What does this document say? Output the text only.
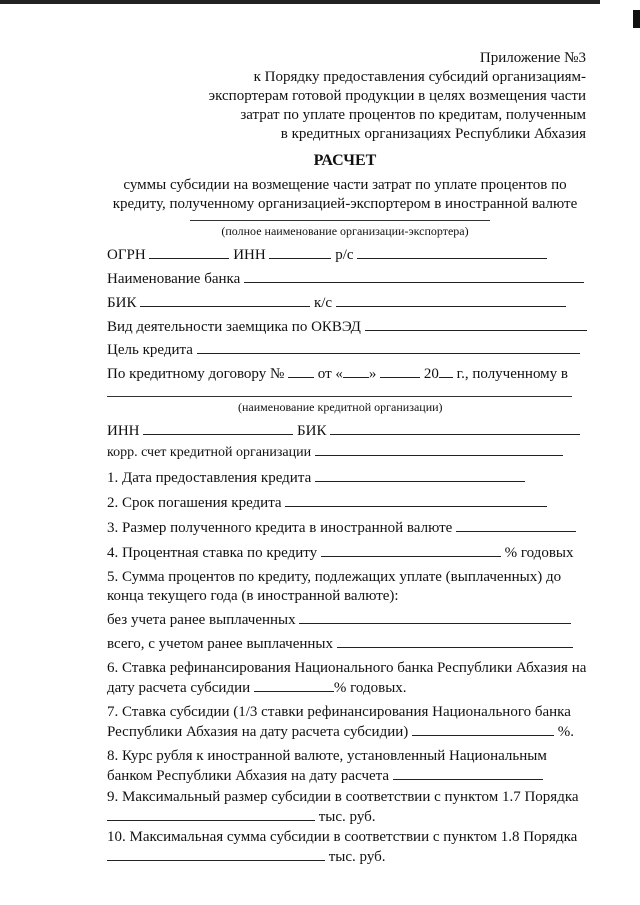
Приложение №3
к Порядку предоставления субсидий организациям-
экспортерам готовой продукции в целях возмещения части
затрат по уплате процентов по кредитам, полученным
в кредитных организациях Республики Абхазия
РАСЧЕТ
суммы субсидии на возмещение части затрат по уплате процентов по
кредиту, полученному организацией-экспортером в иностранной валюте
(полное наименование организации-экспортера)
ОГРН	ИНН	р/с
Наименование банка
БИК	к/с
Вид деятельности заемщика по ОКВЭД
Цель кредита
По кредитному договору № от « »	20 г., полученному в
(наименование кредитной организации)
ИНН	БИК
корр. счет кредитной организации
1. Дата предоставления кредита
2. Срок погашения кредита
3. Размер полученного кредита в иностранной валюте
4. Процентная ставка по кредиту	% годовых
5. Сумма процентов по кредиту, подлежащих уплате (выплаченных) до
конца текущего года (в иностранной валюте):
без учета ранее выплаченных
всего, с учетом ранее выплаченных
6. Ставка рефинансирования Национального банка Республики Абхазия на
дату расчета субсидии	% годовых.
7. Ставка субсидии (1/3 ставки рефинансирования Национального банка
Республики Абхазия на дату расчета субсидии)	%.
8. Курс рубля к иностранной валюте, установленный Национальным
банком Республики Абхазия на дату расчета
9. Максимальный размер субсидии в соответствии с пунктом 1.7 Порядка
тыс. руб.
10. Максимальная сумма субсидии в соответствии с пунктом 1.8 Порядка
тыс. руб.
